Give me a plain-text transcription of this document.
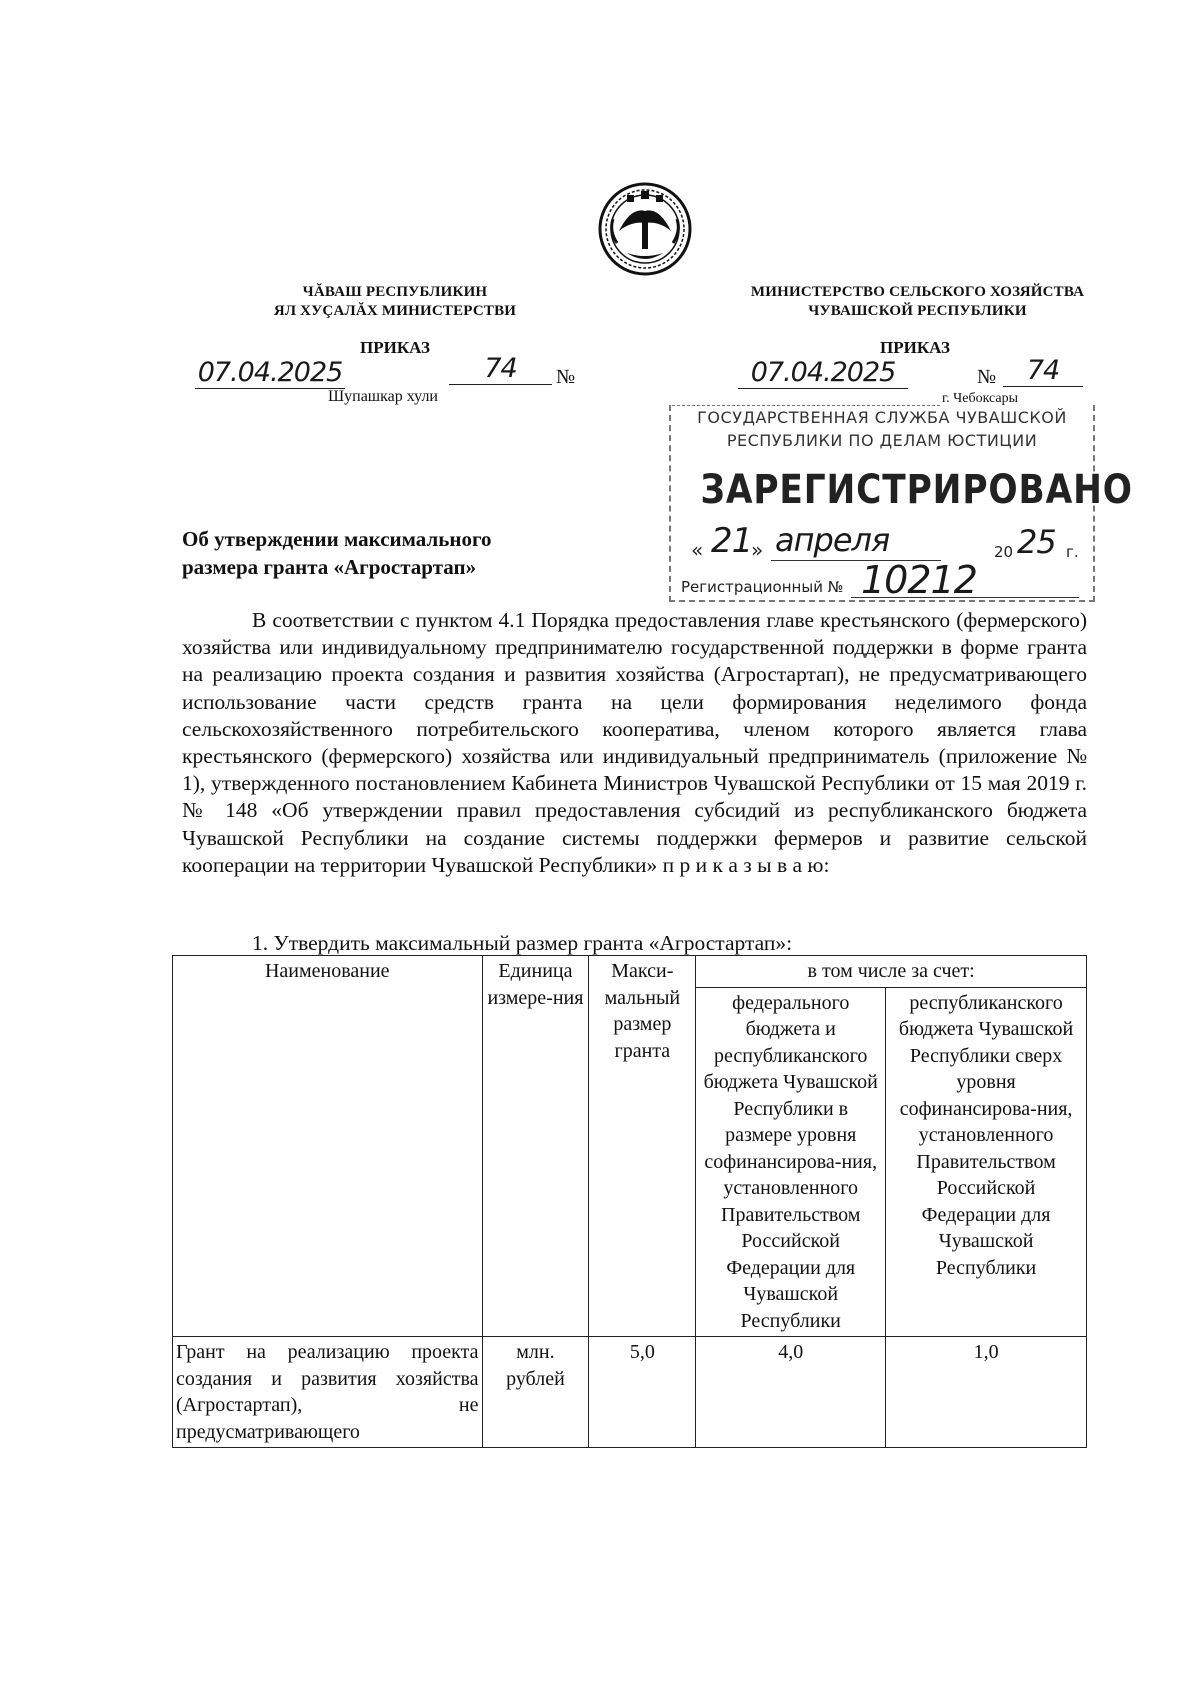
ЧĂВАШ РЕСПУБЛИКИН
ЯЛ ХУÇАЛĂХ МИНИСТЕРСТВИ
ПРИКАЗ
07.04.2025	74	№
Шупашкар хули
МИНИСТЕРСТВО СЕЛЬСКОГО ХОЗЯЙСТВА
ЧУВАШСКОЙ РЕСПУБЛИКИ
ПРИКАЗ
07.04.2025	№	74
г. Чебоксары
ГОСУДАРСТВЕННАЯ СЛУЖБА ЧУВАШСКОЙ
РЕСПУБЛИКИ ПО ДЕЛАМ ЮСТИЦИИ
ЗАРЕГИСТРИРОВАНО
« 21
» апреля	20 25 г.
Регистрационный № 10212
Об утверждении максимального
размера гранта «Агростартап»
В соответствии с пунктом 4.1 Порядка предоставления главе крестьянского (фермерского) хозяйства или индивидуальному предпринимателю государственной поддержки в форме гранта на реализацию проекта создания и развития хозяйства (Агростартап), не предусматривающего использование части средств гранта на цели формирования неделимого фонда сельскохозяйственного потребительского кооператива, членом которого является глава крестьянского (фермерского) хозяйства или индивидуальный предприниматель (приложение № 1), утвержденного постановлением Кабинета Министров Чувашской Республики от 15 мая 2019 г. № 148 «Об утверждении правил предоставления субсидий из республиканского бюджета Чувашской Республики на создание системы поддержки фермеров и развитие сельской кооперации на территории Чувашской Республики» п р и к а з ы в а ю:
1. Утвердить максимальный размер гранта «Агростартап»:
Наименование	Единица измере-ния	Макси-мальный размер гранта	в том числе за счет:	
			федерального бюджета и республиканского бюджета Чувашской Республики в размере уровня софинансирова-ния, установленного Правительством Российской Федерации для Чувашской Республики	республиканского бюджета Чувашской Республики сверх уровня софинансирова-ния, установленного Правительством Российской Федерации для Чувашской Республики
Грант на реализацию проекта создания и развития хозяйства (Агростартап), не предусматривающего	млн. рублей	5,0	4,0	1,0
